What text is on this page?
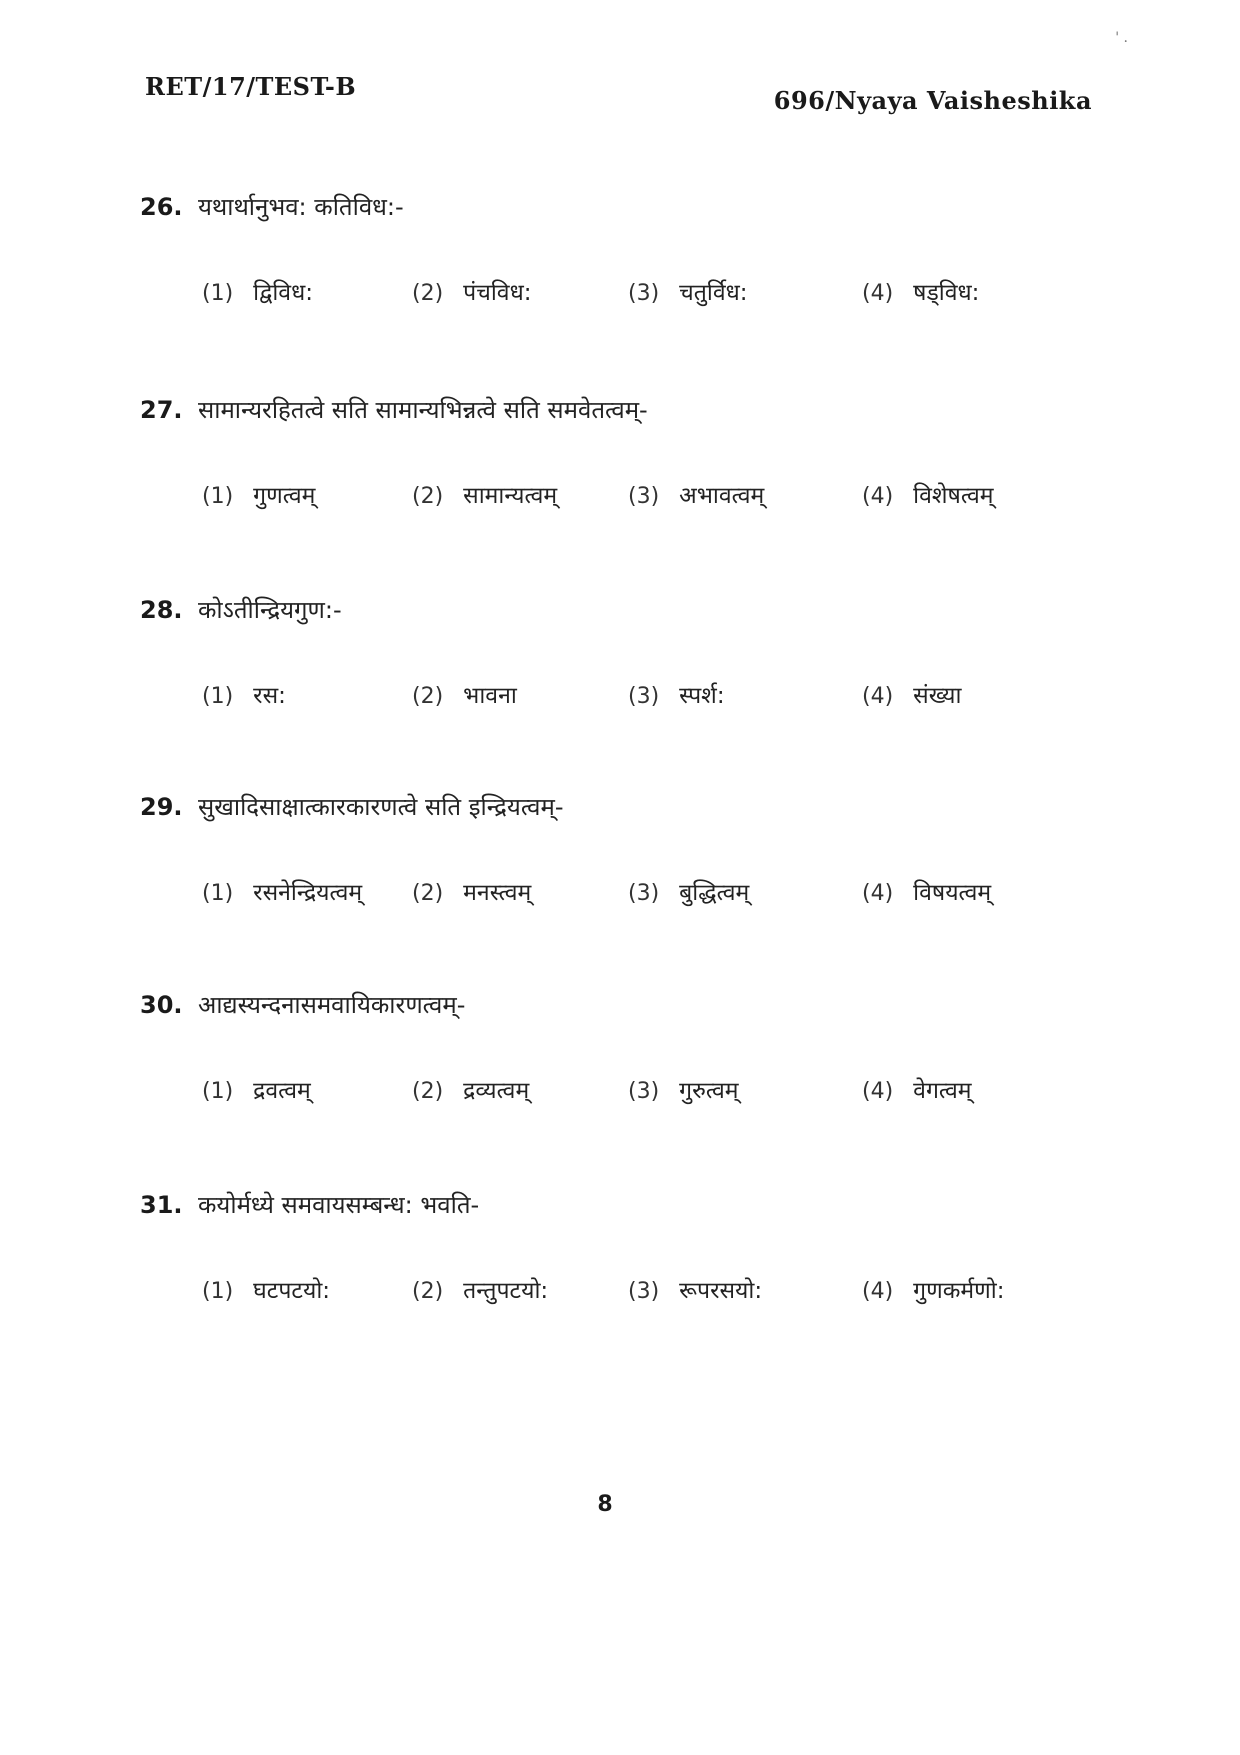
' .
RET/17/TEST-B	696/Nyaya Vaisheshika
26. यथार्थानुभव: कतिविध:-
(1) द्विविध:	(2) पंचविध:	(3) चतुर्विध:	(4) षड्विध:
27. सामान्यरहितत्वे सति सामान्यभिन्नत्वे सति समवेतत्वम्-
(1) गुणत्वम्	(2) सामान्यत्वम्	(3) अभावत्वम्	(4) विशेषत्वम्
28. कोऽतीन्द्रियगुण:-
(1) रस:	(2) भावना	(3) स्पर्श:	(4) संख्या
29. सुखादिसाक्षात्कारकारणत्वे सति इन्द्रियत्वम्-
(1) रसनेन्द्रियत्वम् (2) मनस्त्वम्	(3) बुद्धित्वम्	(4) विषयत्वम्
30. आद्यस्यन्दनासमवायिकारणत्वम्-
(1) द्रवत्वम्	(2) द्रव्यत्वम्	(3) गुरुत्वम्	(4) वेगत्वम्
31. कयोर्मध्ये समवायसम्बन्ध: भवति-
(1) घटपटयो:	(2) तन्तुपटयो:	(3) रूपरसयो:	(4) गुणकर्मणो:
8
